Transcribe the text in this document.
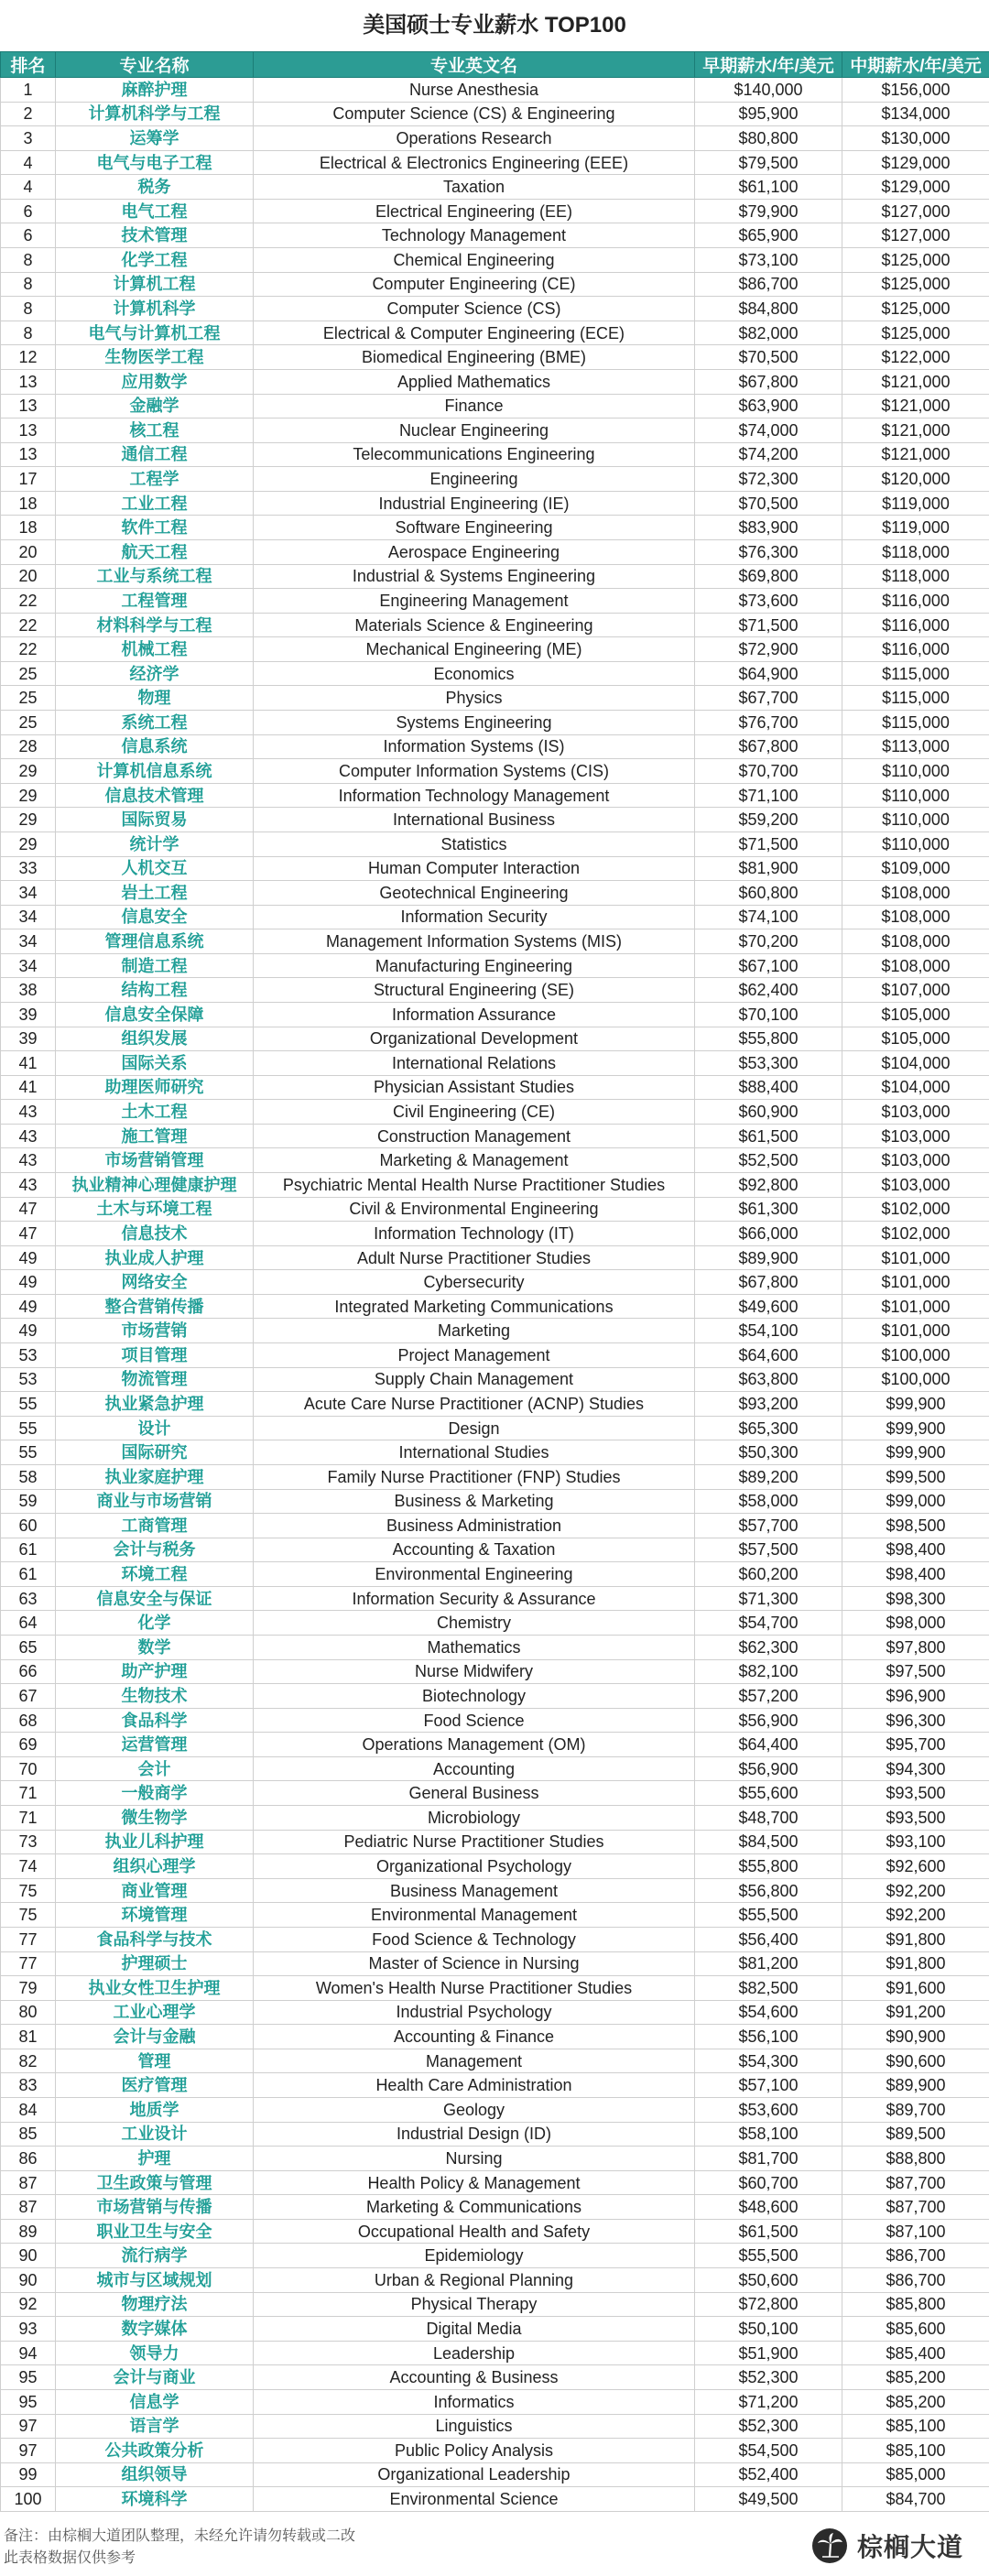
美国硕士专业薪水 TOP100
排名	专业名称	专业英文名	早期薪水/年/美元	中期薪水/年/美元
1	麻醉护理	Nurse Anesthesia	$140,000	$156,000
2	计算机科学与工程	Computer Science (CS) & Engineering	$95,900	$134,000
3	运筹学	Operations Research	$80,800	$130,000
4	电气与电子工程	Electrical & Electronics Engineering (EEE)	$79,500	$129,000
4	税务	Taxation	$61,100	$129,000
6	电气工程	Electrical Engineering (EE)	$79,900	$127,000
6	技术管理	Technology Management	$65,900	$127,000
8	化学工程	Chemical Engineering	$73,100	$125,000
8	计算机工程	Computer Engineering (CE)	$86,700	$125,000
8	计算机科学	Computer Science (CS)	$84,800	$125,000
8	电气与计算机工程	Electrical & Computer Engineering (ECE)	$82,000	$125,000
12	生物医学工程	Biomedical Engineering (BME)	$70,500	$122,000
13	应用数学	Applied Mathematics	$67,800	$121,000
13	金融学	Finance	$63,900	$121,000
13	核工程	Nuclear Engineering	$74,000	$121,000
13	通信工程	Telecommunications Engineering	$74,200	$121,000
17	工程学	Engineering	$72,300	$120,000
18	工业工程	Industrial Engineering (IE)	$70,500	$119,000
18	软件工程	Software Engineering	$83,900	$119,000
20	航天工程	Aerospace Engineering	$76,300	$118,000
20	工业与系统工程	Industrial & Systems Engineering	$69,800	$118,000
22	工程管理	Engineering Management	$73,600	$116,000
22	材料科学与工程	Materials Science & Engineering	$71,500	$116,000
22	机械工程	Mechanical Engineering (ME)	$72,900	$116,000
25	经济学	Economics	$64,900	$115,000
25	物理	Physics	$67,700	$115,000
25	系统工程	Systems Engineering	$76,700	$115,000
28	信息系统	Information Systems (IS)	$67,800	$113,000
29	计算机信息系统	Computer Information Systems (CIS)	$70,700	$110,000
29	信息技术管理	Information Technology Management	$71,100	$110,000
29	国际贸易	International Business	$59,200	$110,000
29	统计学	Statistics	$71,500	$110,000
33	人机交互	Human Computer Interaction	$81,900	$109,000
34	岩土工程	Geotechnical Engineering	$60,800	$108,000
34	信息安全	Information Security	$74,100	$108,000
34	管理信息系统	Management Information Systems (MIS)	$70,200	$108,000
34	制造工程	Manufacturing Engineering	$67,100	$108,000
38	结构工程	Structural Engineering (SE)	$62,400	$107,000
39	信息安全保障	Information Assurance	$70,100	$105,000
39	组织发展	Organizational Development	$55,800	$105,000
41	国际关系	International Relations	$53,300	$104,000
41	助理医师研究	Physician Assistant Studies	$88,400	$104,000
43	土木工程	Civil Engineering (CE)	$60,900	$103,000
43	施工管理	Construction Management	$61,500	$103,000
43	市场营销管理	Marketing & Management	$52,500	$103,000
43	执业精神心理健康护理	Psychiatric Mental Health Nurse Practitioner Studies	$92,800	$103,000
47	土木与环境工程	Civil & Environmental Engineering	$61,300	$102,000
47	信息技术	Information Technology (IT)	$66,000	$102,000
49	执业成人护理	Adult Nurse Practitioner Studies	$89,900	$101,000
49	网络安全	Cybersecurity	$67,800	$101,000
49	整合营销传播	Integrated Marketing Communications	$49,600	$101,000
49	市场营销	Marketing	$54,100	$101,000
53	项目管理	Project Management	$64,600	$100,000
53	物流管理	Supply Chain Management	$63,800	$100,000
55	执业紧急护理	Acute Care Nurse Practitioner (ACNP) Studies	$93,200	$99,900
55	设计	Design	$65,300	$99,900
55	国际研究	International Studies	$50,300	$99,900
58	执业家庭护理	Family Nurse Practitioner (FNP) Studies	$89,200	$99,500
59	商业与市场营销	Business & Marketing	$58,000	$99,000
60	工商管理	Business Administration	$57,700	$98,500
61	会计与税务	Accounting & Taxation	$57,500	$98,400
61	环境工程	Environmental Engineering	$60,200	$98,400
63	信息安全与保证	Information Security & Assurance	$71,300	$98,300
64	化学	Chemistry	$54,700	$98,000
65	数学	Mathematics	$62,300	$97,800
66	助产护理	Nurse Midwifery	$82,100	$97,500
67	生物技术	Biotechnology	$57,200	$96,900
68	食品科学	Food Science	$56,900	$96,300
69	运营管理	Operations Management (OM)	$64,400	$95,700
70	会计	Accounting	$56,900	$94,300
71	一般商学	General Business	$55,600	$93,500
71	微生物学	Microbiology	$48,700	$93,500
73	执业儿科护理	Pediatric Nurse Practitioner Studies	$84,500	$93,100
74	组织心理学	Organizational Psychology	$55,800	$92,600
75	商业管理	Business Management	$56,800	$92,200
75	环境管理	Environmental Management	$55,500	$92,200
77	食品科学与技术	Food Science & Technology	$56,400	$91,800
77	护理硕士	Master of Science in Nursing	$81,200	$91,800
79	执业女性卫生护理	Women's Health Nurse Practitioner Studies	$82,500	$91,600
80	工业心理学	Industrial Psychology	$54,600	$91,200
81	会计与金融	Accounting & Finance	$56,100	$90,900
82	管理	Management	$54,300	$90,600
83	医疗管理	Health Care Administration	$57,100	$89,900
84	地质学	Geology	$53,600	$89,700
85	工业设计	Industrial Design (ID)	$58,100	$89,500
86	护理	Nursing	$81,700	$88,800
87	卫生政策与管理	Health Policy & Management	$60,700	$87,700
87	市场营销与传播	Marketing & Communications	$48,600	$87,700
89	职业卫生与安全	Occupational Health and Safety	$61,500	$87,100
90	流行病学	Epidemiology	$55,500	$86,700
90	城市与区域规划	Urban & Regional Planning	$50,600	$86,700
92	物理疗法	Physical Therapy	$72,800	$85,800
93	数字媒体	Digital Media	$50,100	$85,600
94	领导力	Leadership	$51,900	$85,400
95	会计与商业	Accounting & Business	$52,300	$85,200
95	信息学	Informatics	$71,200	$85,200
97	语言学	Linguistics	$52,300	$85,100
97	公共政策分析	Public Policy Analysis	$54,500	$85,100
99	组织领导	Organizational Leadership	$52,400	$85,000
100	环境科学	Environmental Science	$49,500	$84,700
备注：由棕榈大道团队整理，未经允许请勿转载或二改
此表格数据仅供参考	棕榈大道
